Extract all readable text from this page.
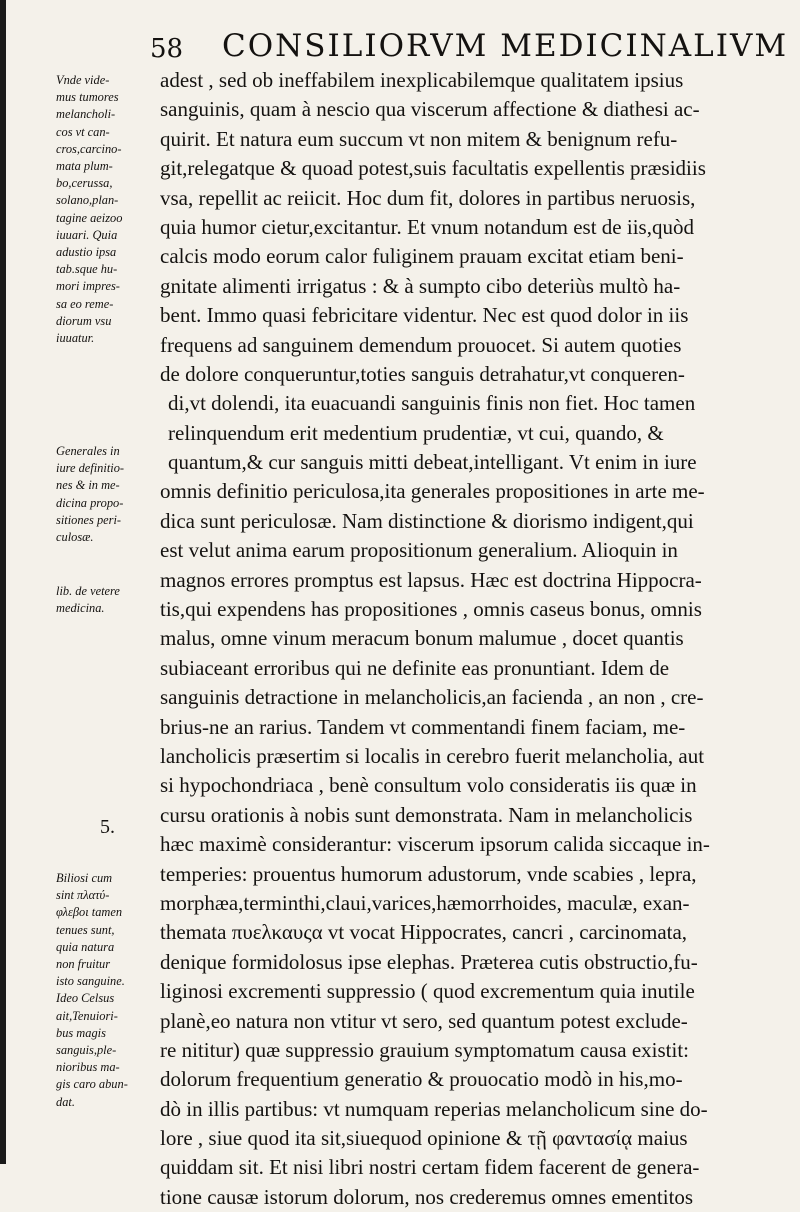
58 CONSILIORVM MEDICINALIVM
Vnde vide-
mus tumores
melancholi-
cos vt can-
cros,carcino-
mata plum-
bo,cerussa,
solano,plan-
tagine aeizoo
iuuari. Quia
adustio ipsa
tab.sque hu-
mori impres-
sa eo reme-
diorum vsu
iuuatur.
Generales in
iure definitio-
nes & in me-
dicina propo-
sitiones peri-
culosæ.
lib. de vetere
medicina.
5.
Biliosi cum
sint πλατύ-
φλεβοι tamen
tenues sunt,
quia natura
non fruitur
isto sanguine.
Ideo Celsus
ait,Tenuiori-
bus magis
sanguis,ple-
nioribus ma-
gis caro abun-
dat.
adest , sed ob ineffabilem inexplicabilemque qualitatem ipsius
sanguinis, quam à nescio qua viscerum affectione & diathesi ac-
quirit. Et natura eum succum vt non mitem & benignum refu-
git,relegatque & quoad potest,suis facultatis expellentis præsidiis
vsa, repellit ac reiicit. Hoc dum fit, dolores in partibus neruosis,
quia humor cietur,excitantur. Et vnum notandum est de iis,quòd
calcis modo eorum calor fuliginem prauam excitat etiam beni-
gnitate alimenti irrigatus : & à sumpto cibo deteriùs multò ha-
bent. Immo quasi febricitare videntur. Nec est quod dolor in iis
frequens ad sanguinem demendum prouocet. Si autem quoties
de dolore conqueruntur,toties sanguis detrahatur,vt conqueren-
di,vt dolendi, ita euacuandi sanguinis finis non fiet. Hoc tamen
relinquendum erit medentium prudentiæ, vt cui, quando, &
quantum,& cur sanguis mitti debeat,intelligant. Vt enim in iure
omnis definitio periculosa,ita generales propositiones in arte me-
dica sunt periculosæ. Nam distinctione & diorismo indigent,qui
est velut anima earum propositionum generalium. Alioquin in
magnos errores promptus est lapsus. Hæc est doctrina Hippocra-
tis,qui expendens has propositiones , omnis caseus bonus, omnis
malus, omne vinum meracum bonum malumue , docet quantis
subiaceant erroribus qui ne definite eas pronuntiant. Idem de
sanguinis detractione in melancholicis,an facienda , an non , cre-
brius-ne an rarius. Tandem vt commentandi finem faciam, me-
lancholicis præsertim si localis in cerebro fuerit melancholia, aut
si hypochondriaca , benè consultum volo consideratis iis quæ in
cursu orationis à nobis sunt demonstrata. Nam in melancholicis
hæc maximè considerantur: viscerum ipsorum calida siccaque in-
temperies: prouentus humorum adustorum, vnde scabies , lepra,
morphæa,terminthi,claui,varices,hæmorrhoides, maculæ, exan-
themata πυελκαυςα vt vocat Hippocrates, cancri , carcinomata,
denique formidolosus ipse elephas. Præterea cutis obstructio,fu-
liginosi excrementi suppressio ( quod excrementum quia inutile
planè,eo natura non vtitur vt sero, sed quantum potest exclude-
re nititur) quæ suppressio grauium symptomatum causa existit:
dolorum frequentium generatio & prouocatio modò in his,mo-
dò in illis partibus: vt numquam reperias melancholicum sine do-
lore , siue quod ita sit,siuequod opinione & τῇ φαντασίᾳ maius
quiddam sit. Et nisi libri nostri certam fidem facerent de genera-
tione causæ istorum dolorum, nos crederemus omnes ementitos
